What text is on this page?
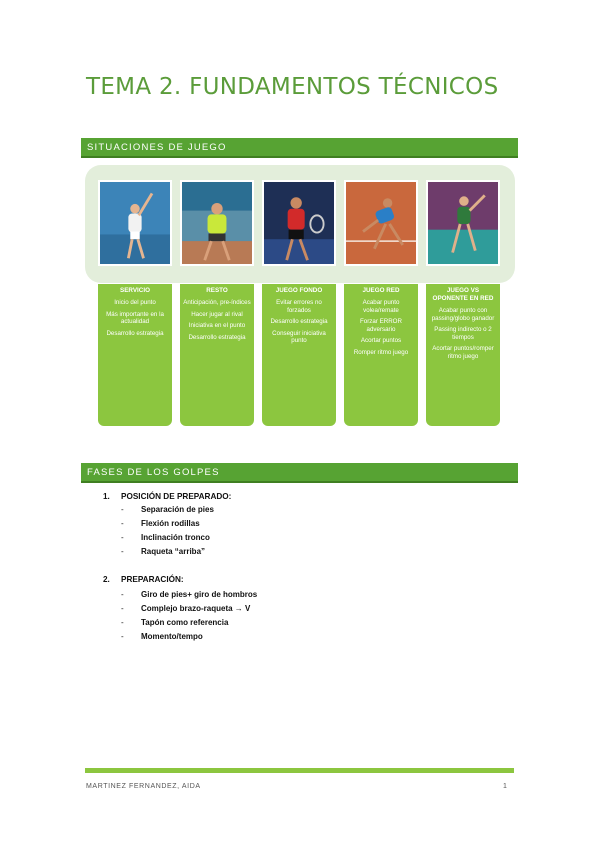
TEMA 2. FUNDAMENTOS TÉCNICOS
SITUACIONES DE JUEGO
SERVICIO
Inicio del punto
Más importante en la actualidad
Desarrollo estrategia
RESTO
Anticipación, pre-índices
Hacer jugar al rival
Iniciativa en el punto
Desarrollo estrategia
JUEGO FONDO
Evitar errores no forzados
Desarrollo estrategia
Conseguir iniciativa punto
JUEGO RED
Acabar punto volea/remate
Forzar ERROR adversario
Acortar puntos
Romper ritmo juego
JUEGO VS OPONENTE EN RED
Acabar punto con passing/globo ganador
Passing indirecto o 2 tiempos
Acortar puntos/romper ritmo juego
FASES DE LOS GOLPES
1. POSICIÓN DE PREPARADO:
- Separación de pies
- Flexión rodillas
- Inclinación tronco
- Raqueta “arriba”
2. PREPARACIÓN:
- Giro de pies+ giro de hombros
- Complejo brazo-raqueta → V
- Tapón como referencia
- Momento/tempo
MARTINEZ FERNANDEZ, AIDA	1
